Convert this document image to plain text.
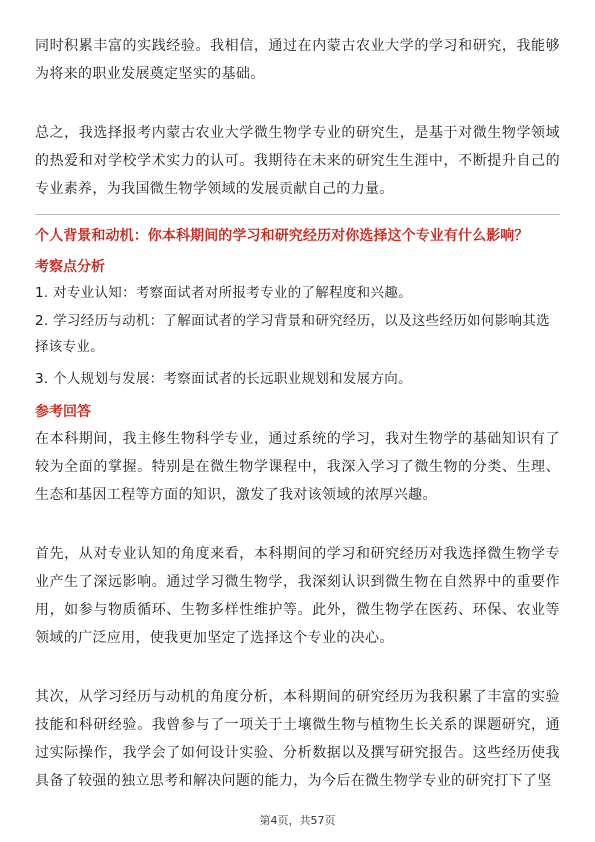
同时积累丰富的实践经验。我相信，通过在内蒙古农业大学的学习和研究，我能够为将来的职业发展奠定坚实的基础。

总之，我选择报考内蒙古农业大学微生物学专业的研究生，是基于对微生物学领域的热爱和对学校学术实力的认可。我期待在未来的研究生生涯中，不断提升自己的专业素养，为我国微生物学领域的发展贡献自己的力量。

个人背景和动机：你本科期间的学习和研究经历对你选择这个专业有什么影响？
考察点分析

1. 对专业认知：考察面试者对所报考专业的了解程度和兴趣。

2. 学习经历与动机：了解面试者的学习背景和研究经历，以及这些经历如何影响其选择该专业。

3. 个人规划与发展：考察面试者的长远职业规划和发展方向。

参考回答

在本科期间，我主修生物科学专业，通过系统的学习，我对生物学的基础知识有了较为全面的掌握。特别是在微生物学课程中，我深入学习了微生物的分类、生理、生态和基因工程等方面的知识，激发了我对该领域的浓厚兴趣。

首先，从对专业认知的角度来看，本科期间的学习和研究经历对我选择微生物学专业产生了深远影响。通过学习微生物学，我深刻认识到微生物在自然界中的重要作用，如参与物质循环、生物多样性维护等。此外，微生物学在医药、环保、农业等领域的广泛应用，使我更加坚定了选择这个专业的决心。

其次，从学习经历与动机的角度分析，本科期间的研究经历为我积累了丰富的实验技能和科研经验。我曾参与了一项关于土壤微生物与植物生长关系的课题研究，通过实际操作，我学会了如何设计实验、分析数据以及撰写研究报告。这些经历使我具备了较强的独立思考和解决问题的能力，为今后在微生物学专业的研究打下了坚

第4页，共57页
